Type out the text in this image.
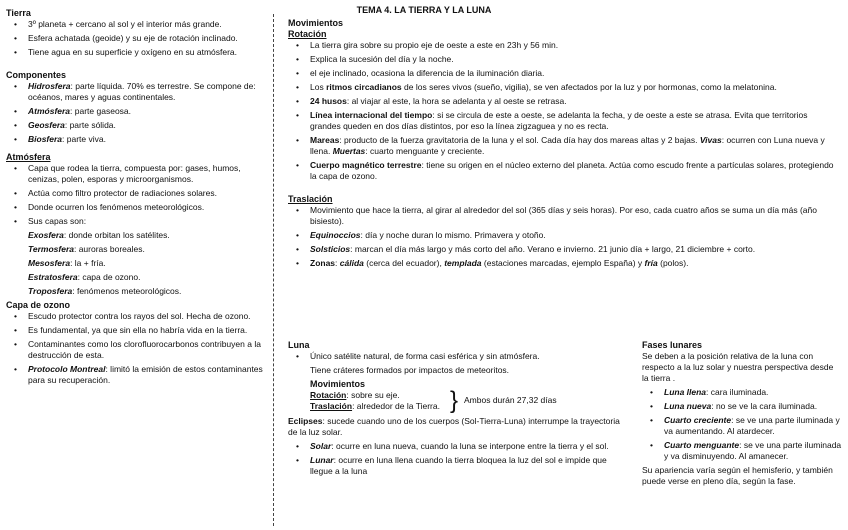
TEMA 4. LA TIERRA Y LA LUNA

Tierra

• 3º planeta + cercano al sol y el interior más grande.
• Esfera achatada (geoide) y su eje de rotación inclinado.
• Tiene agua en su superficie y oxígeno en su atmósfera.

Componentes

• Hidrosfera: parte líquida. 70% es terrestre. Se compone de: océanos, mares y aguas continentales.
• Atmósfera: parte gaseosa.
• Geosfera: parte sólida.
• Biosfera: parte viva.

Atmósfera

• Capa que rodea la tierra, compuesta por: gases, humos, cenizas, polen, esporas y microorganismos.
• Actúa como filtro protector de radiaciones solares.
• Donde ocurren los fenómenos meteorológicos.
• Sus capas son:

Exosfera: donde orbitan los satélites.

Termosfera: auroras boreales.

Mesosfera: la + fría.

Estratosfera: capa de ozono.

Troposfera: fenómenos meteorológicos.

Capa de ozono

• Escudo protector contra los rayos del sol. Hecha de ozono.
• Es fundamental, ya que sin ella no habría vida en la tierra.
• Contaminantes como los clorofluorocarbonos contribuyen a la destrucción de esta.
• Protocolo Montreal: limitó la emisión de estos contaminantes para su recuperación.

Movimientos

Rotación

• La tierra gira sobre su propio eje de oeste a este en 23h y 56 min.
• Explica la sucesión del día y la noche.
• el eje inclinado, ocasiona la diferencia de la iluminación diaria.
• Los ritmos circadianos de los seres vivos (sueño, vigilia), se ven afectados por la luz y por hormonas, como la melatonina.
• 24 husos: al viajar al este, la hora se adelanta y al oeste se retrasa.
• Línea internacional del tiempo: si se circula de este a oeste, se adelanta la fecha, y de oeste a este se atrasa. Evita que territorios grandes queden en dos días distintos, por eso la línea zigzaguea y no es recta.
• Mareas: producto de la fuerza gravitatoria de la luna y el sol. Cada día hay dos mareas altas y 2 bajas. Vivas: ocurren con Luna nueva y llena. Muertas: cuarto menguante y creciente.
• Cuerpo magnético terrestre: tiene su origen en el núcleo externo del planeta. Actúa como escudo frente a partículas solares, protegiendo la capa de ozono.

Traslación

• Movimiento que hace la tierra, al girar al alrededor del sol (365 días y seis horas). Por eso, cada cuatro años se suma un día más (año bisiesto).
• Equinoccios: día y noche duran lo mismo. Primavera y otoño.
• Solsticios: marcan el día más largo y más corto del año. Verano e invierno. 21 junio día + largo, 21 diciembre + corto.
• Zonas: cálida (cerca del ecuador), templada (estaciones marcadas, ejemplo España) y fría (polos).

Luna

• Único satélite natural, de forma casi esférica y sin atmósfera.

Tiene cráteres formados por impactos de meteoritos.

Movimientos

Rotación: sobre su eje.

Traslación: alrededor de la Tierra. } Ambos durán 27,32 días

Eclipses: sucede cuando uno de los cuerpos (Sol-Tierra-Luna) interrumpe la trayectoria de la luz solar.

• Solar: ocurre en luna nueva, cuando la luna se interpone entre la tierra y el sol.
• Lunar: ocurre en luna llena cuando la tierra bloquea la luz del sol e impide que llegue a la luna

Fases lunares

Se deben a la posición relativa de la luna con respecto a la luz solar y nuestra perspectiva desde la tierra .

• Luna llena: cara iluminada.
• Luna nueva: no se ve la cara iluminada.
• Cuarto creciente: se ve una parte iluminada y va aumentando. Al atardecer.
• Cuarto menguante: se ve una parte iluminada y va disminuyendo. Al amanecer.

Su apariencia varía según el hemisferio, y también puede verse en pleno día, según la fase.
